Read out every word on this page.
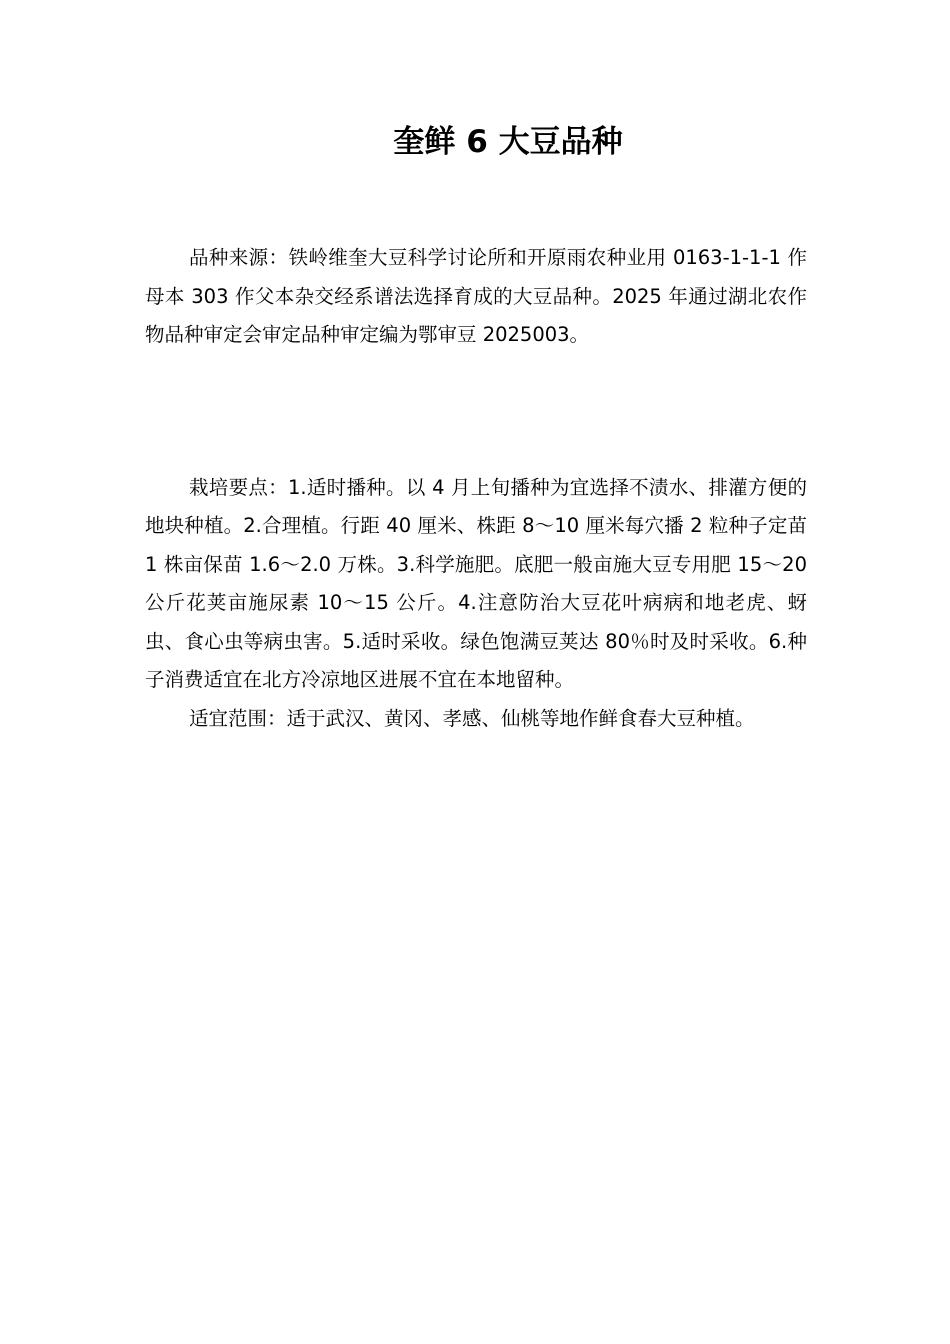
奎鲜 6 大豆品种

品种来源：铁岭维奎大豆科学讨论所和开原雨农种业用 0163-1-1-1 作母本 303 作父本杂交经系谱法选择育成的大豆品种。2025 年通过湖北农作物品种审定会审定品种审定编为鄂审豆 2025003。

栽培要点：1.适时播种。以 4 月上旬播种为宜选择不渍水、排灌方便的地块种植。2.合理植。行距 40 厘米、株距 8～10 厘米每穴播 2 粒种子定苗 1 株亩保苗 1.6～2.0 万株。3.科学施肥。底肥一般亩施大豆专用肥 15～20 公斤花荚亩施尿素 10～15 公斤。4.注意防治大豆花叶病病和地老虎、蚜虫、食心虫等病虫害。5.适时采收。绿色饱满豆荚达 80％时及时采收。6.种子消费适宜在北方冷凉地区进展不宜在本地留种。

适宜范围：适于武汉、黄冈、孝感、仙桃等地作鲜食春大豆种植。
